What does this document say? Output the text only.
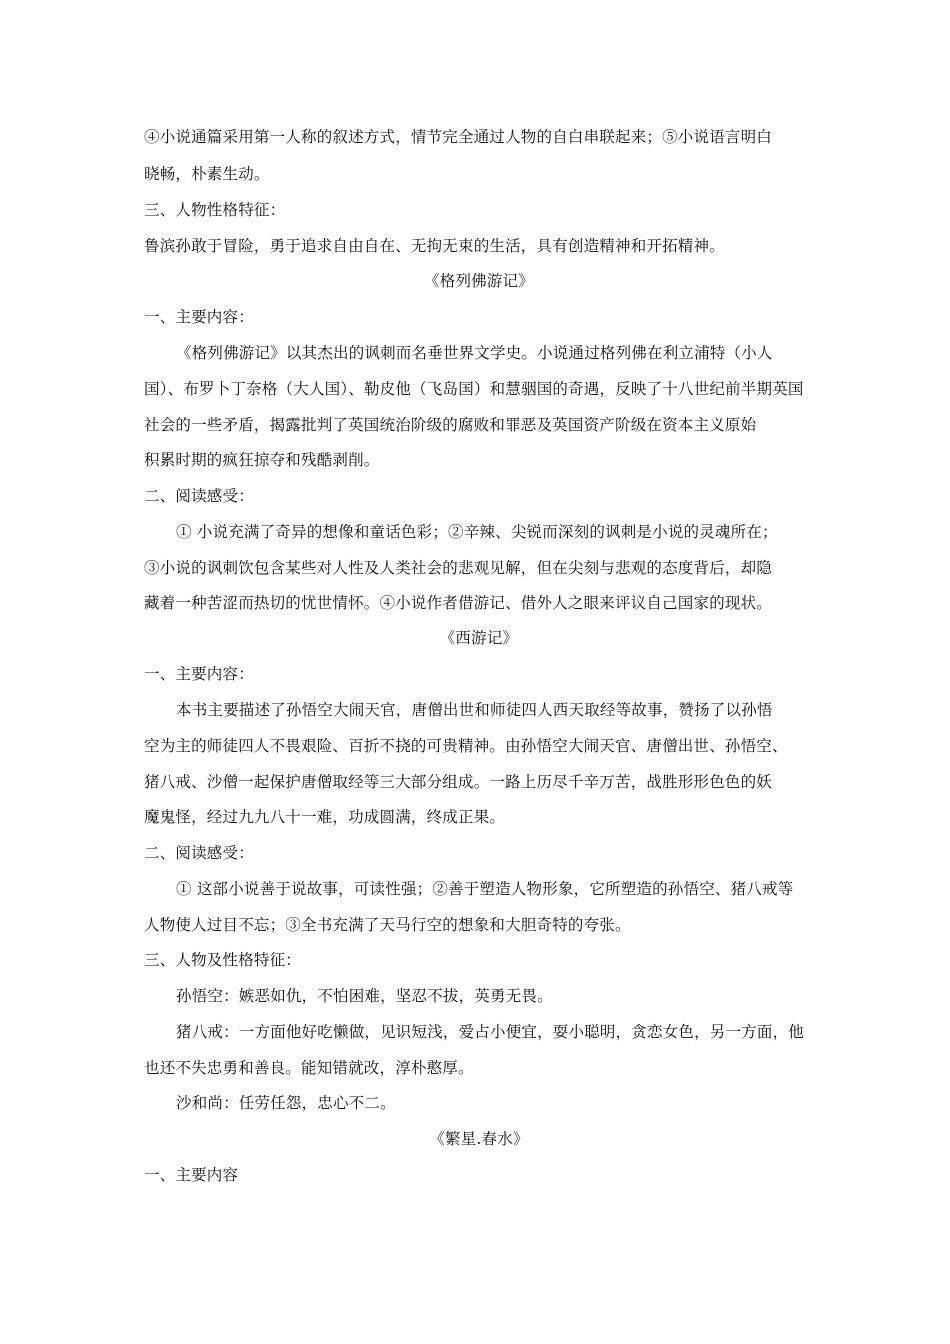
④小说通篇采用第一人称的叙述方式，情节完全通过人物的自白串联起来；⑤小说语言明白
晓畅，朴素生动。
三、人物性格特征：
鲁滨孙敢于冒险，勇于追求自由自在、无拘无束的生活，具有创造精神和开拓精神。
《格列佛游记》
一、主要内容：
《格列佛游记》以其杰出的讽刺而名垂世界文学史。小说通过格列佛在利立浦特（小人
国）、布罗卜丁奈格（大人国）、勒皮他（飞岛国）和慧骃国的奇遇，反映了十八世纪前半期英国
社会的一些矛盾，揭露批判了英国统治阶级的腐败和罪恶及英国资产阶级在资本主义原始
积累时期的疯狂掠夺和残酷剥削。
二、阅读感受：
① 小说充满了奇异的想像和童话色彩；②辛辣、尖锐而深刻的讽刺是小说的灵魂所在；
③小说的讽刺饮包含某些对人性及人类社会的悲观见解，但在尖刻与悲观的态度背后，却隐
藏着一种苦涩而热切的忧世情怀。④小说作者借游记、借外人之眼来评议自己国家的现状。
《西游记》
一、主要内容：
本书主要描述了孙悟空大闹天官，唐僧出世和师徒四人西天取经等故事，赞扬了以孙悟
空为主的师徒四人不畏艰险、百折不挠的可贵精神。由孙悟空大闹天官、唐僧出世、孙悟空、
猪八戒、沙僧一起保护唐僧取经等三大部分组成。一路上历尽千辛万苦，战胜形形色色的妖
魔鬼怪，经过九九八十一难，功成圆满，终成正果。
二、阅读感受：
① 这部小说善于说故事，可读性强；②善于塑造人物形象，它所塑造的孙悟空、猪八戒等
人物使人过目不忘；③全书充满了天马行空的想象和大胆奇特的夸张。
三、人物及性格特征：
孙悟空：嫉恶如仇，不怕困难，坚忍不拔，英勇无畏。
猪八戒：一方面他好吃懒做，见识短浅，爱占小便宜，耍小聪明，贪恋女色，另一方面，他
也还不失忠勇和善良。能知错就改，淳朴憨厚。
沙和尚：任劳任怨，忠心不二。
《繁星.春水》
一、主要内容
